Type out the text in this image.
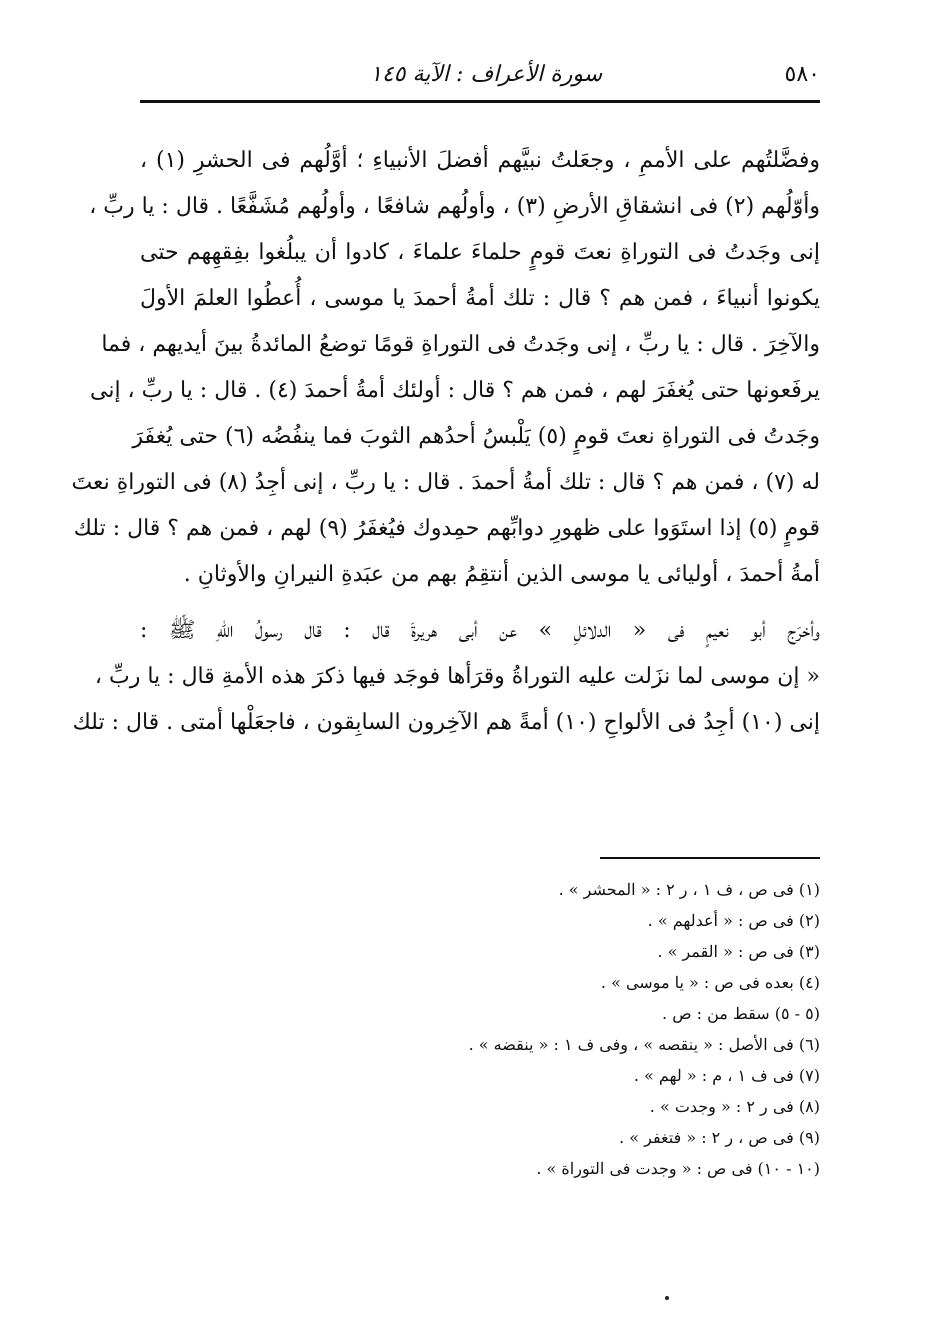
٥٨٠
سورة الأعراف : الآية ١٤٥
وفضَّلتُهم على الأممِ ، وجعَلتُ نبيَّهم أفضلَ الأنبياءِ ؛ أوَّلُهم فى الحشرِ (١) ،
وأوّلُهم (٢) فى انشقاقِ الأرضِ (٣) ، وأولُهم شافعًا ، وأولُهم مُشَفَّعًا . قال : يا ربِّ ،
إنى وجَدتُ فى التوراةِ نعتَ قومٍ حلماءَ علماءَ ، كادوا أن يبلُغوا بفِقهِهم حتى
يكونوا أنبياءَ ، فمن هم ؟ قال : تلك أمةُ أحمدَ يا موسى ، أُعطُوا العلمَ الأولَ
والآخِرَ . قال : يا ربِّ ، إنى وجَدتُ فى التوراةِ قومًا توضعُ المائدةُ بينَ أيديهم ، فما
يرفَعونها حتى يُغفَرَ لهم ، فمن هم ؟ قال : أولئك أمةُ أحمدَ (٤) . قال : يا ربِّ ، إنى
وجَدتُ فى التوراةِ نعتَ قومٍ (٥) يَلْبسُ أحدُهم الثوبَ فما ينفُضُه (٦) حتى يُغفَرَ
له (٧) ، فمن هم ؟ قال : تلك أمةُ أحمدَ . قال : يا ربِّ ، إنى أجِدُ (٨) فى التوراةِ نعتَ
قومٍ (٥) إذا استَوَوا على ظهورِ دوابِّهم حمِدوك فيُغفَرُ (٩) لهم ، فمن هم ؟ قال : تلك
أمةُ أحمدَ ، أوليائى يا موسى الذين أنتقِمُ بهم من عبَدةِ النيرانِ والأوثانِ .
وأخرَج أبو نعيمٍ فى « الدلائلِ » عن أبى هريرةَ قال : قال رسولُ اللهِ ﷺ :
« إن موسى لما نزَلت عليه التوراةُ وقرَأها فوجَد فيها ذكرَ هذه الأمةِ قال : يا ربِّ ،
إنى (١٠) أجِدُ فى الألواحِ (١٠) أمةً هم الآخِرون السابِقون ، فاجعَلْها أمتى . قال : تلك
(١) فى ص ، ف ١ ، ر ٢ : « المحشر » .
(٢) فى ص : « أعدلهم » .
(٣) فى ص : « القمر » .
(٤) بعده فى ص : « يا موسى » .
(٥ - ٥) سقط من : ص .
(٦) فى الأصل : « ينقصه » ، وفى ف ١ : « ينقضه » .
(٧) فى ف ١ ، م : « لهم » .
(٨) فى ر ٢ : « وجدت » .
(٩) فى ص ، ر ٢ : « فتغفر » .
(١٠ - ١٠) فى ص : « وجدت فى التوراة » .
